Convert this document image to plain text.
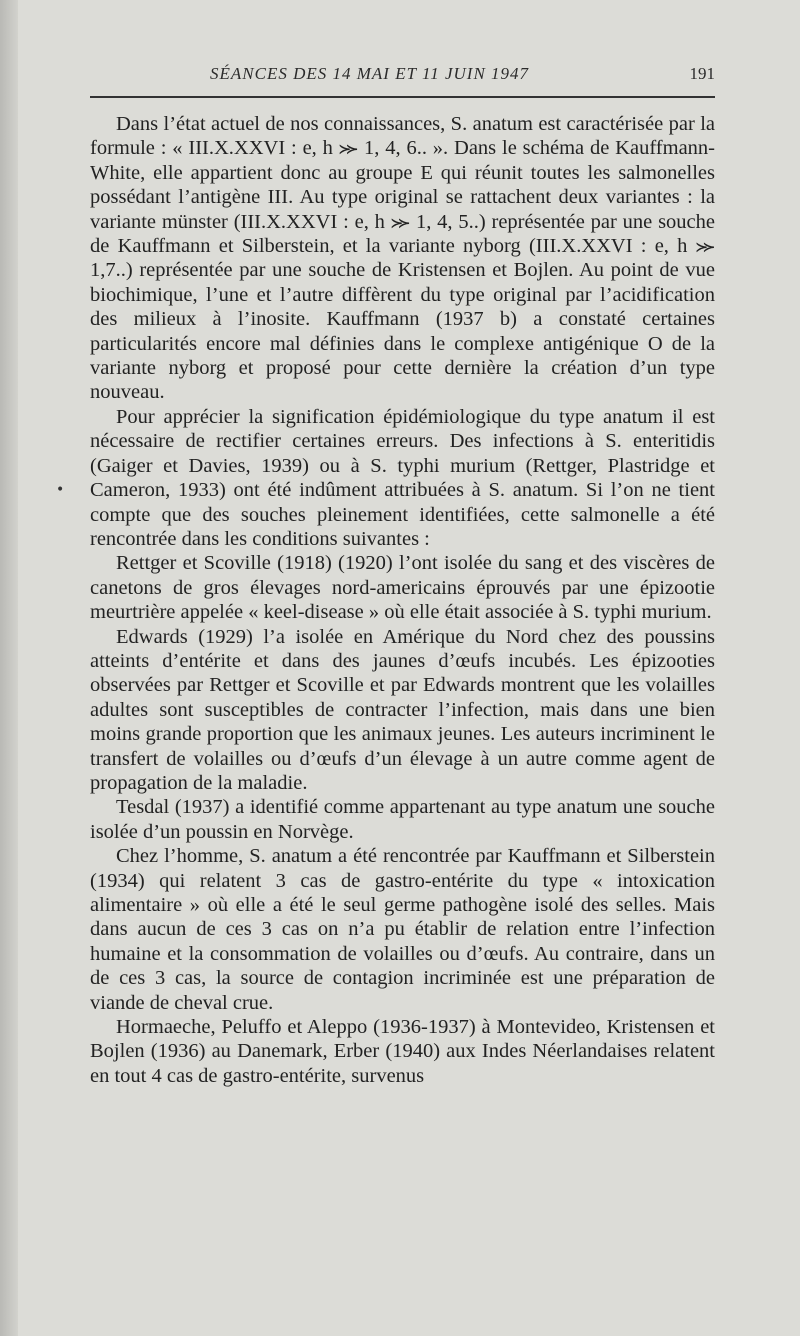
SÉANCES DES 14 MAI ET 11 JUIN 1947	191
•

Dans l’état actuel de nos connaissances, S. anatum est caractérisée par la formule : « III.X.XXVI : e, h ⪼ 1, 4, 6.. ». Dans le schéma de Kauffmann-White, elle appartient donc au groupe E qui réunit toutes les salmonelles possédant l’antigène III. Au type original se rattachent deux variantes : la variante münster (III.X.XXVI : e, h ⪼ 1, 4, 5..) représentée par une souche de Kauffmann et Silberstein, et la variante nyborg (III.X.XXVI : e, h ⪼ 1,7..) représentée par une souche de Kristensen et Bojlen. Au point de vue biochimique, l’une et l’autre diffèrent du type original par l’acidification des milieux à l’inosite. Kauffmann (1937 b) a constaté certaines particularités encore mal définies dans le complexe antigénique O de la variante nyborg et proposé pour cette dernière la création d’un type nouveau.

Pour apprécier la signification épidémiologique du type anatum il est nécessaire de rectifier certaines erreurs. Des infections à S. enteritidis (Gaiger et Davies, 1939) ou à S. typhi murium (Rettger, Plastridge et Cameron, 1933) ont été indûment attribuées à S. anatum. Si l’on ne tient compte que des souches pleinement identifiées, cette salmonelle a été rencontrée dans les conditions suivantes :

Rettger et Scoville (1918) (1920) l’ont isolée du sang et des viscères de canetons de gros élevages nord-americains éprouvés par une épizootie meurtrière appelée « keel-disease » où elle était associée à S. typhi murium.

Edwards (1929) l’a isolée en Amérique du Nord chez des poussins atteints d’entérite et dans des jaunes d’œufs incubés. Les épizooties observées par Rettger et Scoville et par Edwards montrent que les volailles adultes sont susceptibles de contracter l’infection, mais dans une bien moins grande proportion que les animaux jeunes. Les auteurs incriminent le transfert de volailles ou d’œufs d’un élevage à un autre comme agent de propagation de la maladie.

Tesdal (1937) a identifié comme appartenant au type anatum une souche isolée d’un poussin en Norvège.

Chez l’homme, S. anatum a été rencontrée par Kauffmann et Silberstein (1934) qui relatent 3 cas de gastro-entérite du type « intoxication alimentaire » où elle a été le seul germe pathogène isolé des selles. Mais dans aucun de ces 3 cas on n’a pu établir de relation entre l’infection humaine et la consommation de volailles ou d’œufs. Au contraire, dans un de ces 3 cas, la source de contagion incriminée est une préparation de viande de cheval crue.

Hormaeche, Peluffo et Aleppo (1936-1937) à Montevideo, Kristensen et Bojlen (1936) au Danemark, Erber (1940) aux Indes Néerlandaises relatent en tout 4 cas de gastro-entérite, survenus
